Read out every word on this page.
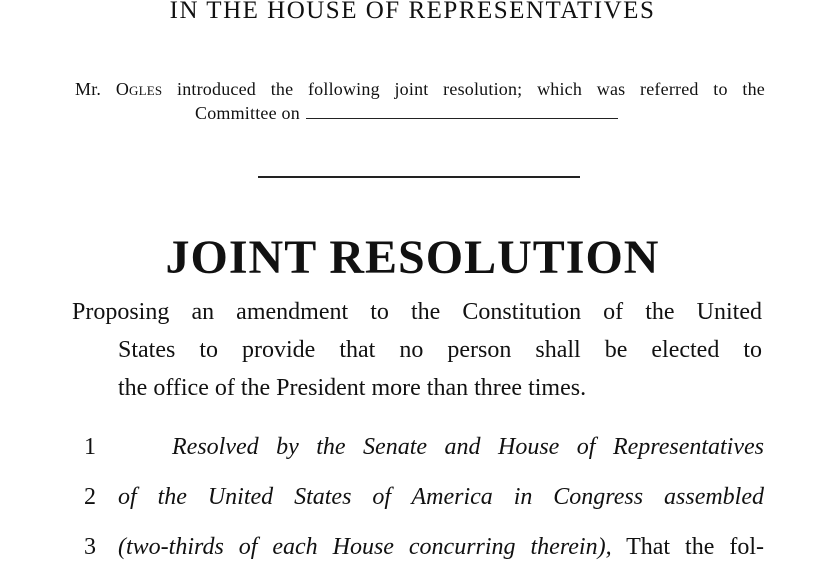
IN THE HOUSE OF REPRESENTATIVES
Mr. Ogles introduced the following joint resolution; which was referred to the
Committee on
JOINT RESOLUTION
Proposing an amendment to the Constitution of the United
States to provide that no person shall be elected to
the office of the President more than three times.
1	Resolved by the Senate and House of Representatives
2 of the United States of America in Congress assembled
3 (two-thirds of each House concurring therein), That the fol-
